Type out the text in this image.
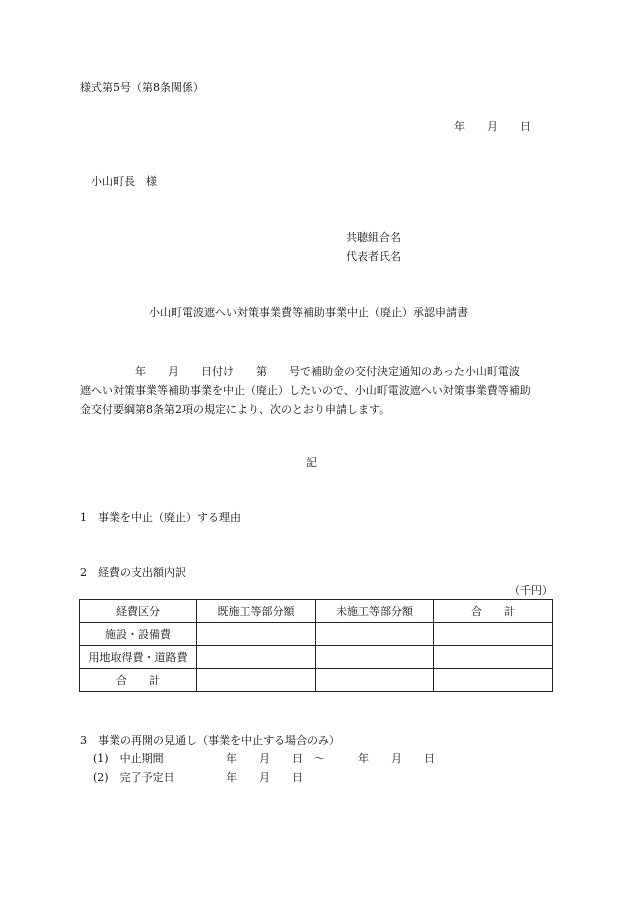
様式第5号（第8条関係）
年　　月　　日
小山町長　様
共聴組合名
代表者氏名
小山町電波遮へい対策事業費等補助事業中止（廃止）承認申請書
　　　　　年　　月　　日付け　　第　　号で補助金の交付決定通知のあった小山町電波
遮へい対策事業等補助事業を中止（廃止）したいので、小山町電波遮へい対策事業費等補助
金交付要綱第8条第2項の規定により、次のとおり申請します。
記
1　事業を中止（廃止）する理由
2　経費の支出額内訳
（千円）
経費区分	既施工等部分額	未施工等部分額	合　　計
施設・設備費			
用地取得費・道路費			
合　　計			
3　事業の再開の見通し（事業を中止する場合のみ）
(1)　中止期間	年　　月　　日　～　　　年　　月　　日
(2)　完了予定日	年　　月　　日
